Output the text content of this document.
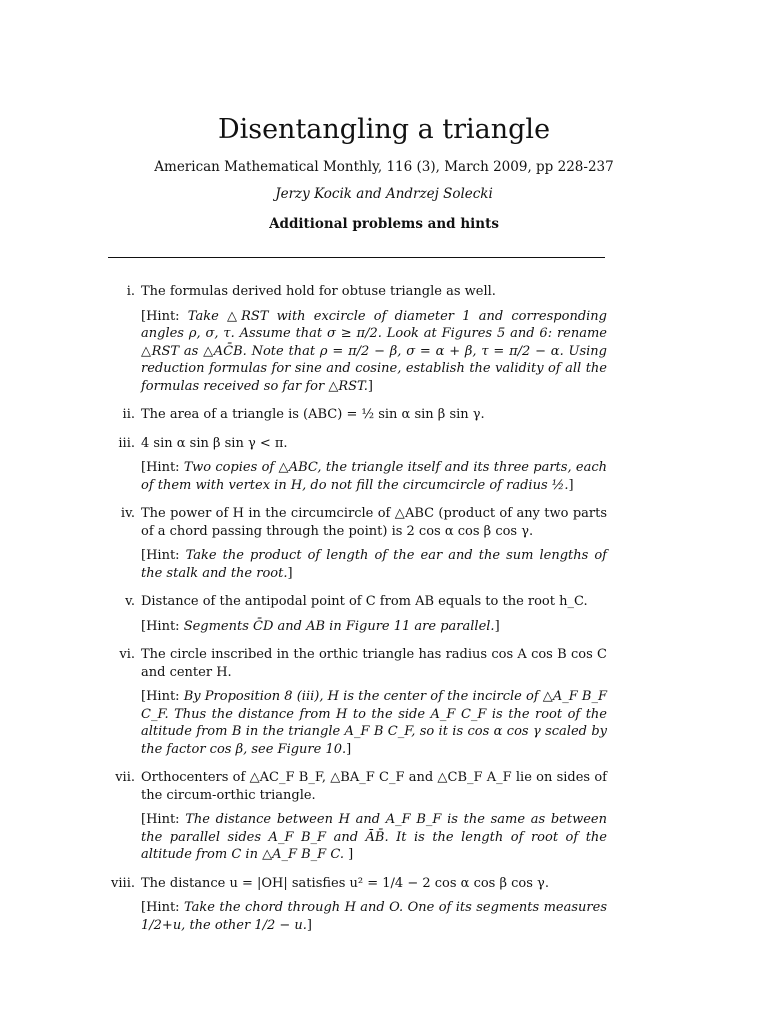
Disentangling a triangle
American Mathematical Monthly, 116 (3), March 2009, pp 228-237
Jerzy Kocik and Andrzej Solecki
Additional problems and hints
i. The formulas derived hold for obtuse triangle as well.
[Hint: Take △RST with excircle of diameter 1 and corresponding angles ρ, σ, τ. Assume that σ ≥ π/2. Look at Figures 5 and 6: rename △RST as △AC̄B. Note that ρ = π/2 − β, σ = α + β, τ = π/2 − α. Using reduction formulas for sine and cosine, establish the validity of all the formulas received so far for △RST.]
ii. The area of a triangle is (ABC) = ½ sin α sin β sin γ.
iii. 4 sin α sin β sin γ < π.
[Hint: Two copies of △ABC, the triangle itself and its three parts, each of them with vertex in H, do not fill the circumcircle of radius ½.]
iv. The power of H in the circumcircle of △ABC (product of any two parts of a chord passing through the point) is 2 cos α cos β cos γ.
[Hint: Take the product of length of the ear and the sum lengths of the stalk and the root.]
v. Distance of the antipodal point of C from AB equals to the root h_C.
[Hint: Segments C̄D and AB in Figure 11 are parallel.]
vi. The circle inscribed in the orthic triangle has radius cos A cos B cos C and center H.
[Hint: By Proposition 8 (iii), H is the center of the incircle of △A_F B_F C_F. Thus the distance from H to the side A_F C_F is the root of the altitude from B in the triangle A_F B C_F, so it is cos α cos γ scaled by the factor cos β, see Figure 10.]
vii. Orthocenters of △AC_F B_F, △BA_F C_F and △CB_F A_F lie on sides of the circum-orthic triangle.
[Hint: The distance between H and A_F B_F is the same as between the parallel sides A_F B_F and ĀB̄. It is the length of root of the altitude from C in △A_F B_F C. ]
viii. The distance u = |OH| satisfies u² = 1/4 − 2 cos α cos β cos γ.
[Hint: Take the chord through H and O. One of its segments measures 1/2+u, the other 1/2 − u.]
